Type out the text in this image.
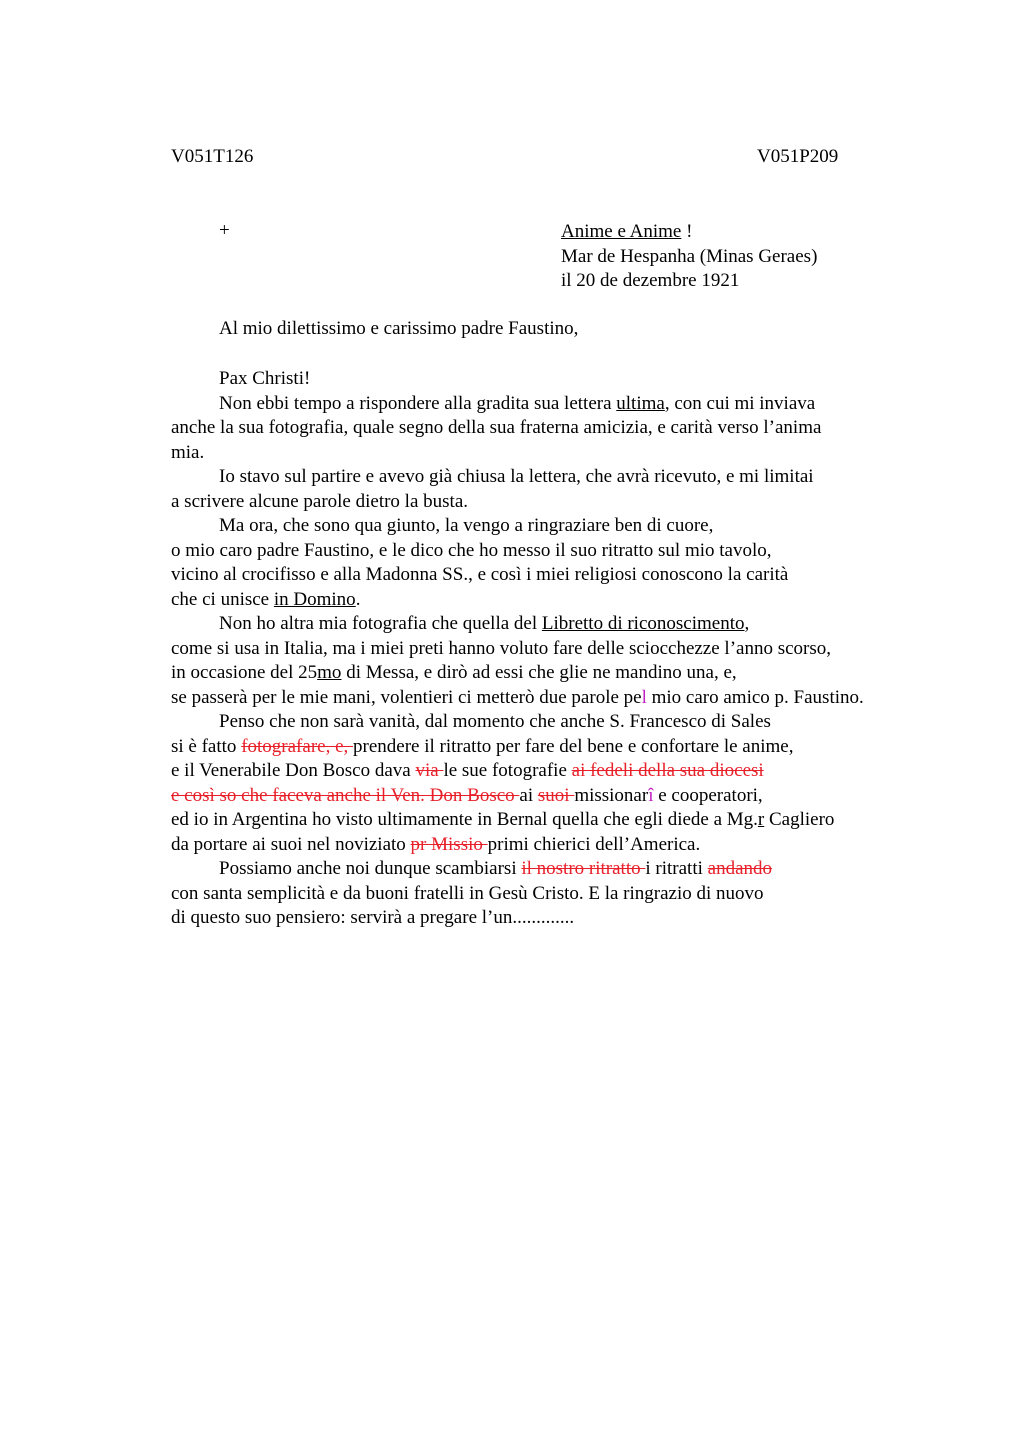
V051T126	V051P209
+	Anime e Anime !
Mar de Hespanha (Minas Geraes)
il 20 de dezembre 1921
Al mio dilettissimo e carissimo padre Faustino,
Pax Christi!
Non ebbi tempo a rispondere alla gradita sua lettera ultima, con cui mi inviava
anche la sua fotografia, quale segno della sua fraterna amicizia, e carità verso l’anima
mia.
Io stavo sul partire e avevo già chiusa la lettera, che avrà ricevuto, e mi limitai
a scrivere alcune parole dietro la busta.
Ma ora, che sono qua giunto, la vengo a ringraziare ben di cuore,
o mio caro padre Faustino, e le dico che ho messo il suo ritratto sul mio tavolo,
vicino al crocifisso e alla Madonna SS., e così i miei religiosi conoscono la carità
che ci unisce in Domino.
Non ho altra mia fotografia che quella del Libretto di riconoscimento,
come si usa in Italia, ma i miei preti hanno voluto fare delle sciocchezze l’anno scorso,
in occasione del 25mo di Messa, e dirò ad essi che glie ne mandino una, e,
se passerà per le mie mani, volentieri ci metterò due parole pel mio caro amico p. Faustino.
Penso che non sarà vanità, dal momento che anche S. Francesco di Sales
si è fatto fotografare, e, prendere il ritratto per fare del bene e confortare le anime,
e il Venerabile Don Bosco dava via le sue fotografie ai fedeli della sua diocesi
e così so che faceva anche il Ven. Don Bosco ai suoi missionarî e cooperatori,
ed io in Argentina ho visto ultimamente in Bernal quella che egli diede a Mg.r Cagliero
da portare ai suoi nel noviziato pr Missio primi chierici dell’America.
Possiamo anche noi dunque scambiarsi il nostro ritratto i ritratti andando
con santa semplicità e da buoni fratelli in Gesù Cristo. E la ringrazio di nuovo
di questo suo pensiero: servirà a pregare l’un.............
